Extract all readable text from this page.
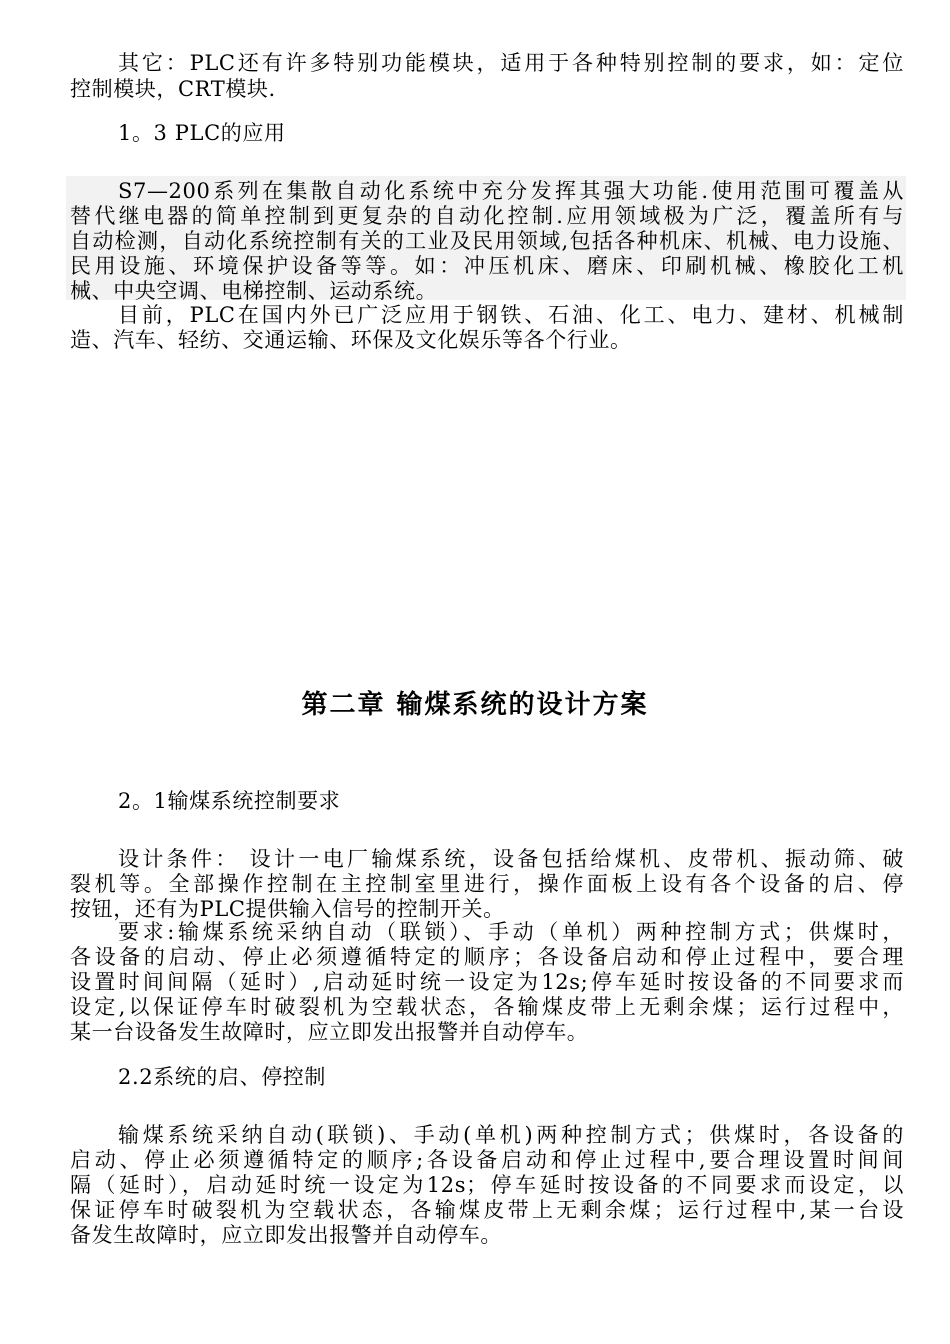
其它：PLC还有许多特别功能模块，适用于各种特别控制的要求，如：定位
控制模块，CRT模块.
1。3 PLC的应用
S7—200系列在集散自动化系统中充分发挥其强大功能.使用范围可覆盖从
替代继电器的简单控制到更复杂的自动化控制.应用领域极为广泛，覆盖所有与
自动检测，自动化系统控制有关的工业及民用领域,包括各种机床、机械、电力设施、
民用设施、环境保护设备等等。如：冲压机床、磨床、印刷机械、橡胶化工机
械、中央空调、电梯控制、运动系统。
目前，PLC在国内外已广泛应用于钢铁、石油、化工、电力、建材、机械制
造、汽车、轻纺、交通运输、环保及文化娱乐等各个行业。
第二章 输煤系统的设计方案
2。1输煤系统控制要求
设计条件： 设计一电厂输煤系统，设备包括给煤机、皮带机、振动筛、破
裂机等。全部操作控制在主控制室里进行，操作面板上设有各个设备的启、停
按钮，还有为PLC提供输入信号的控制开关。
要求:输煤系统采纳自动（联锁）、手动（单机）两种控制方式；供煤时，
各设备的启动、停止必须遵循特定的顺序；各设备启动和停止过程中，要合理
设置时间间隔（延时）,启动延时统一设定为12s;停车延时按设备的不同要求而
设定,以保证停车时破裂机为空载状态，各输煤皮带上无剩余煤；运行过程中，
某一台设备发生故障时，应立即发出报警并自动停车。
2.2系统的启、停控制
输煤系统采纳自动(联锁)、手动(单机)两种控制方式；供煤时，各设备的
启动、停止必须遵循特定的顺序;各设备启动和停止过程中,要合理设置时间间
隔（延时），启动延时统一设定为12s；停车延时按设备的不同要求而设定，以
保证停车时破裂机为空载状态，各输煤皮带上无剩余煤；运行过程中,某一台设
备发生故障时，应立即发出报警并自动停车。
